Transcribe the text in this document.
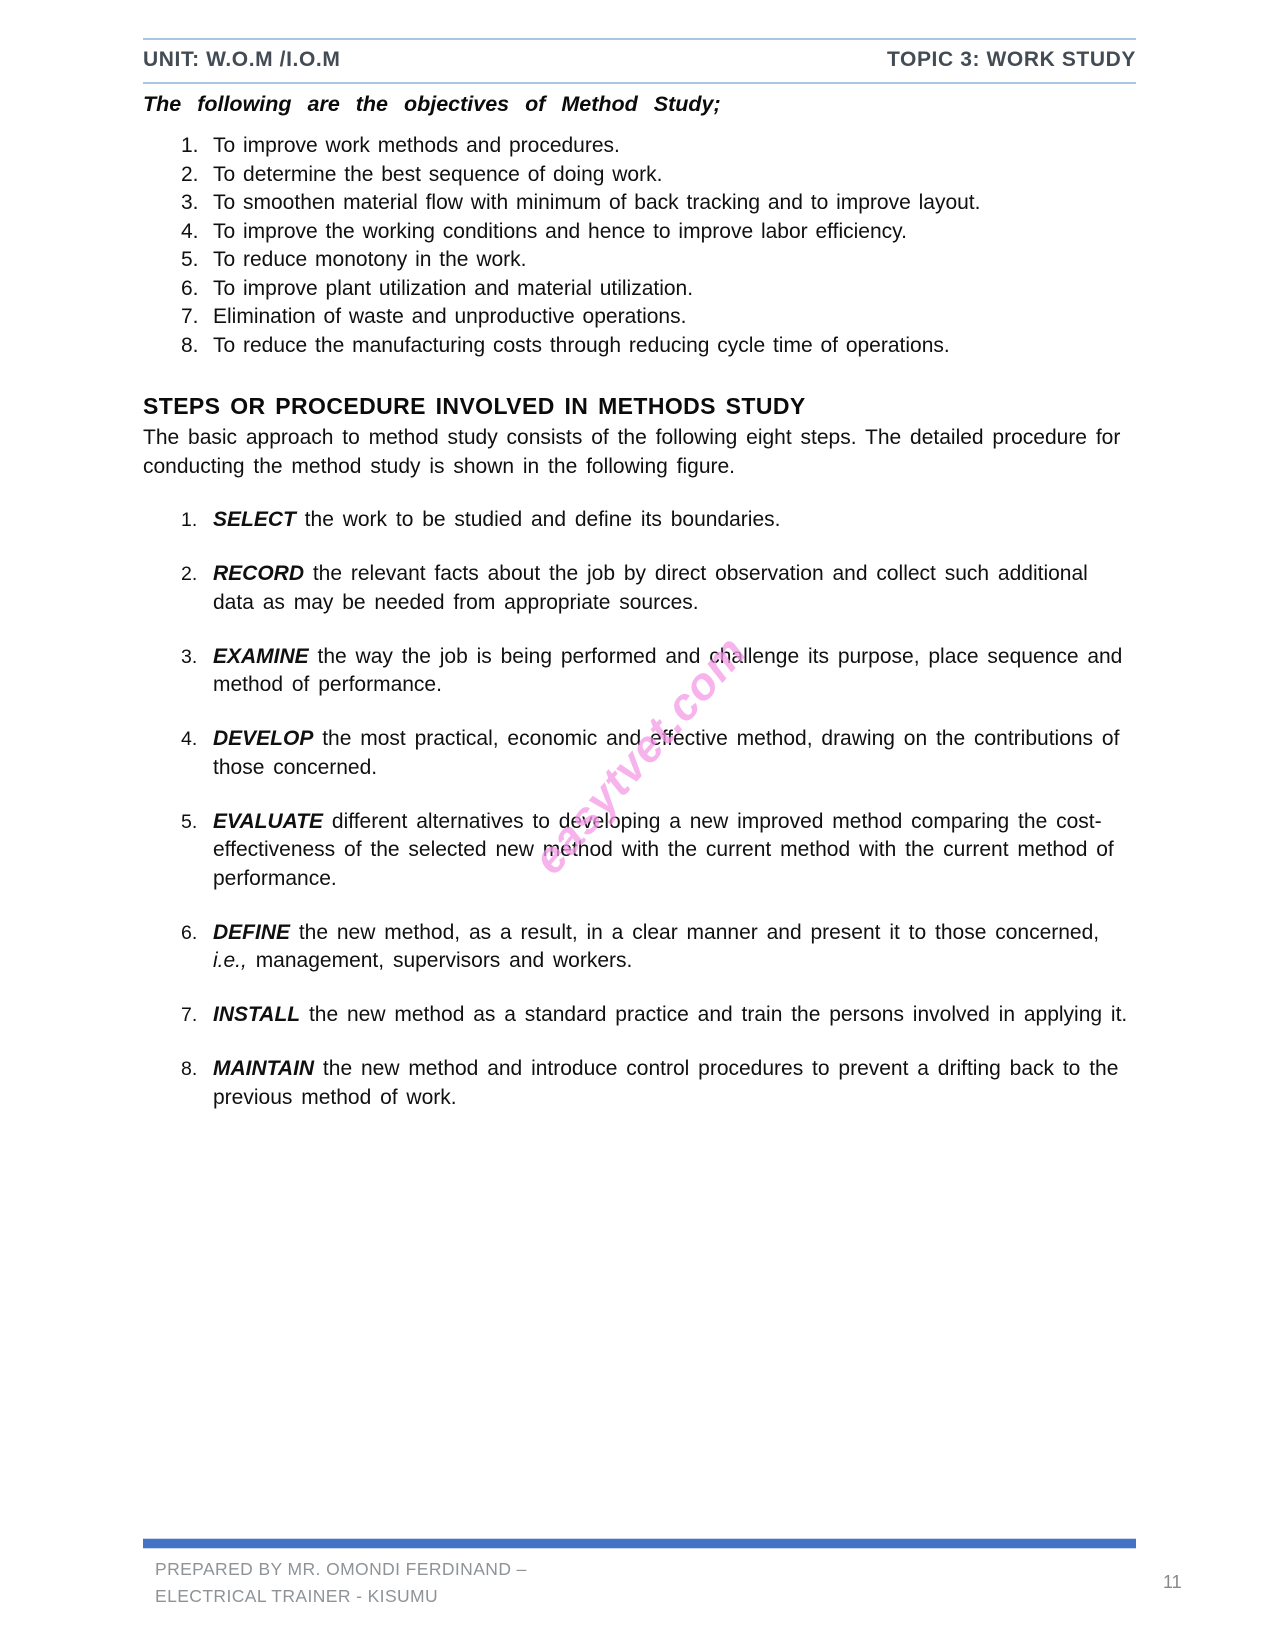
UNIT: W.O.M /I.O.M	TOPIC 3: WORK STUDY
The following are the objectives of Method Study;
1. To improve work methods and procedures.
2. To determine the best sequence of doing work.
3. To smoothen material flow with minimum of back tracking and to improve layout.
4. To improve the working conditions and hence to improve labor efficiency.
5. To reduce monotony in the work.
6. To improve plant utilization and material utilization.
7. Elimination of waste and unproductive operations.
8. To reduce the manufacturing costs through reducing cycle time of operations.
STEPS OR PROCEDURE INVOLVED IN METHODS STUDY
The basic approach to method study consists of the following eight steps. The detailed procedure for conducting the method study is shown in the following figure.
1. SELECT the work to be studied and define its boundaries.
2. RECORD the relevant facts about the job by direct observation and collect such additional data as may be needed from appropriate sources.
3. EXAMINE the way the job is being performed and challenge its purpose, place sequence and method of performance.
4. DEVELOP the most practical, economic and effective method, drawing on the contributions of those concerned.
5. EVALUATE different alternatives to developing a new improved method comparing the cost- effectiveness of the selected new method with the current method with the current method of performance.
6. DEFINE the new method, as a result, in a clear manner and present it to those concerned, i.e., management, supervisors and workers.
7. INSTALL the new method as a standard practice and train the persons involved in applying it.
8. MAINTAIN the new method and introduce control procedures to prevent a drifting back to the previous method of work.
easytvet.com
PREPARED BY MR. OMONDI FERDINAND –
ELECTRICAL TRAINER - KISUMU
11
